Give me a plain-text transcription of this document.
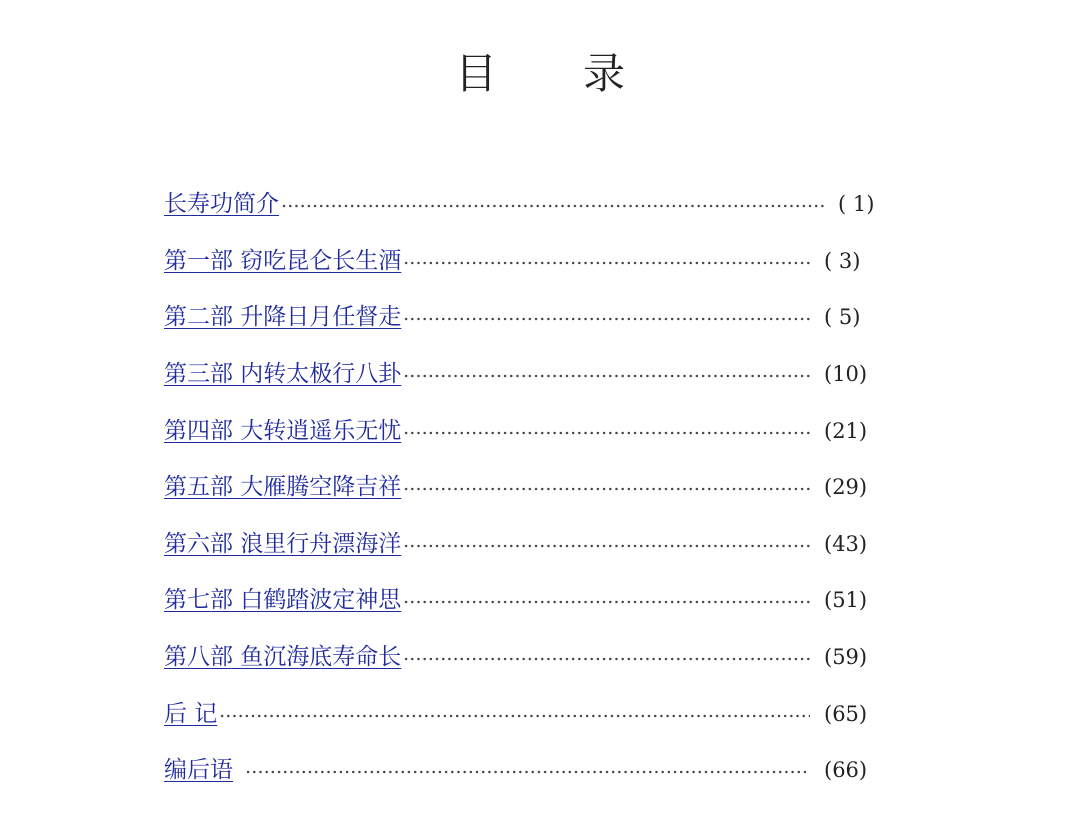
目　录
长寿功简介	( 1)
第一部 窃吃昆仑长生酒	( 3)
第二部 升降日月任督走	( 5)
第三部 内转太极行八卦	(10)
第四部 大转逍遥乐无忧	(21)
第五部 大雁腾空降吉祥	(29)
第六部 浪里行舟漂海洋	(43)
第七部 白鹤踏波定神思	(51)
第八部 鱼沉海底寿命长	(59)
后 记	(65)
编后语	(66)
